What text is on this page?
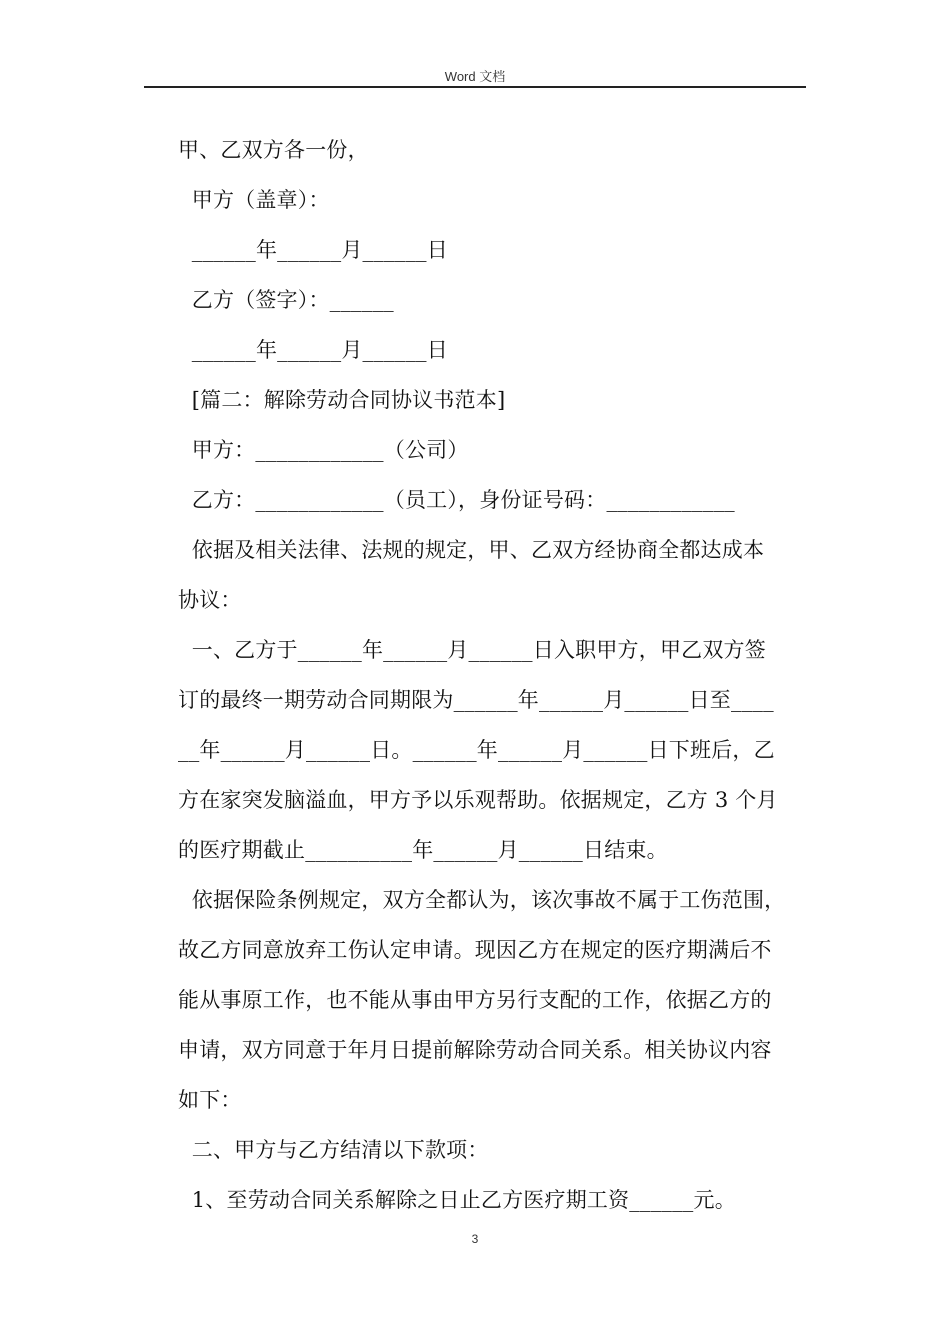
Word 文档
甲、乙双方各一份，
甲方（盖章）：
______年______月______日
乙方（签字）：______
______年______月______日
[篇二：解除劳动合同协议书范本]
甲方：____________（公司）
乙方：____________（员工），身份证号码：____________
依据及相关法律、法规的规定，甲、乙双方经协商全都达成本
协议：
一、乙方于______年______月______日入职甲方，甲乙双方签
订的最终一期劳动合同期限为______年______月______日至____
__年______月______日。______年______月______日下班后，乙
方在家突发脑溢血，甲方予以乐观帮助。依据规定，乙方 3 个月
的医疗期截止__________年______月______日结束。
依据保险条例规定，双方全都认为，该次事故不属于工伤范围，
故乙方同意放弃工伤认定申请。现因乙方在规定的医疗期满后不
能从事原工作，也不能从事由甲方另行支配的工作，依据乙方的
申请，双方同意于年月日提前解除劳动合同关系。相关协议内容
如下：
二、甲方与乙方结清以下款项：
1、至劳动合同关系解除之日止乙方医疗期工资______元。
3
